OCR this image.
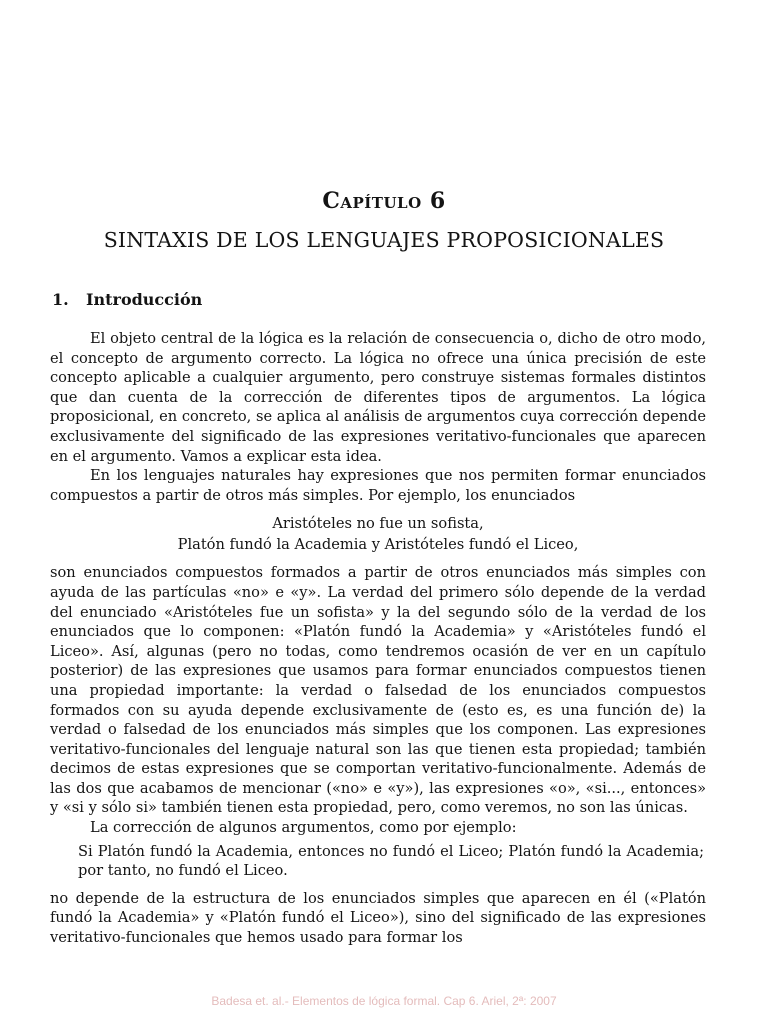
Capítulo 6
SINTAXIS DE LOS LENGUAJES PROPOSICIONALES
1. Introducción

El objeto central de la lógica es la relación de consecuencia o, dicho de otro modo, el concepto de argumento correcto. La lógica no ofrece una única precisión de este concepto aplicable a cualquier argumento, pero construye sistemas formales distintos que dan cuenta de la corrección de diferentes tipos de argumentos. La lógica proposicional, en concreto, se aplica al análisis de argumentos cuya corrección depende exclusivamente del significado de las expresiones veritativo-funcionales que aparecen en el argumento. Vamos a explicar esta idea.

En los lenguajes naturales hay expresiones que nos permiten formar enunciados compuestos a partir de otros más simples. Por ejemplo, los enunciados

Aristóteles no fue un sofista,
Platón fundó la Academia y Aristóteles fundó el Liceo,

son enunciados compuestos formados a partir de otros enunciados más simples con ayuda de las partículas «no» e «y». La verdad del primero sólo depende de la verdad del enunciado «Aristóteles fue un sofista» y la del segundo sólo de la verdad de los enunciados que lo componen: «Platón fundó la Academia» y «Aristóteles fundó el Liceo». Así, algunas (pero no todas, como tendremos ocasión de ver en un capítulo posterior) de las expresiones que usamos para formar enunciados compuestos tienen una propiedad importante: la verdad o falsedad de los enunciados compuestos formados con su ayuda depende exclusivamente de (esto es, es una función de) la verdad o falsedad de los enunciados más simples que los componen. Las expresiones veritativo-funcionales del lenguaje natural son las que tienen esta propiedad; también decimos de estas expresiones que se comportan veritativo-funcionalmente. Además de las dos que acabamos de mencionar («no» e «y»), las expresiones «o», «si..., entonces» y «si y sólo si» también tienen esta propiedad, pero, como veremos, no son las únicas.

La corrección de algunos argumentos, como por ejemplo:

Si Platón fundó la Academia, entonces no fundó el Liceo; Platón fundó la Academia; por tanto, no fundó el Liceo.

no depende de la estructura de los enunciados simples que aparecen en él («Platón fundó la Academia» y «Platón fundó el Liceo»), sino del significado de las expresiones veritativo-funcionales que hemos usado para formar los

Badesa et. al.- Elementos de lógica formal. Cap 6. Ariel, 2ª: 2007
